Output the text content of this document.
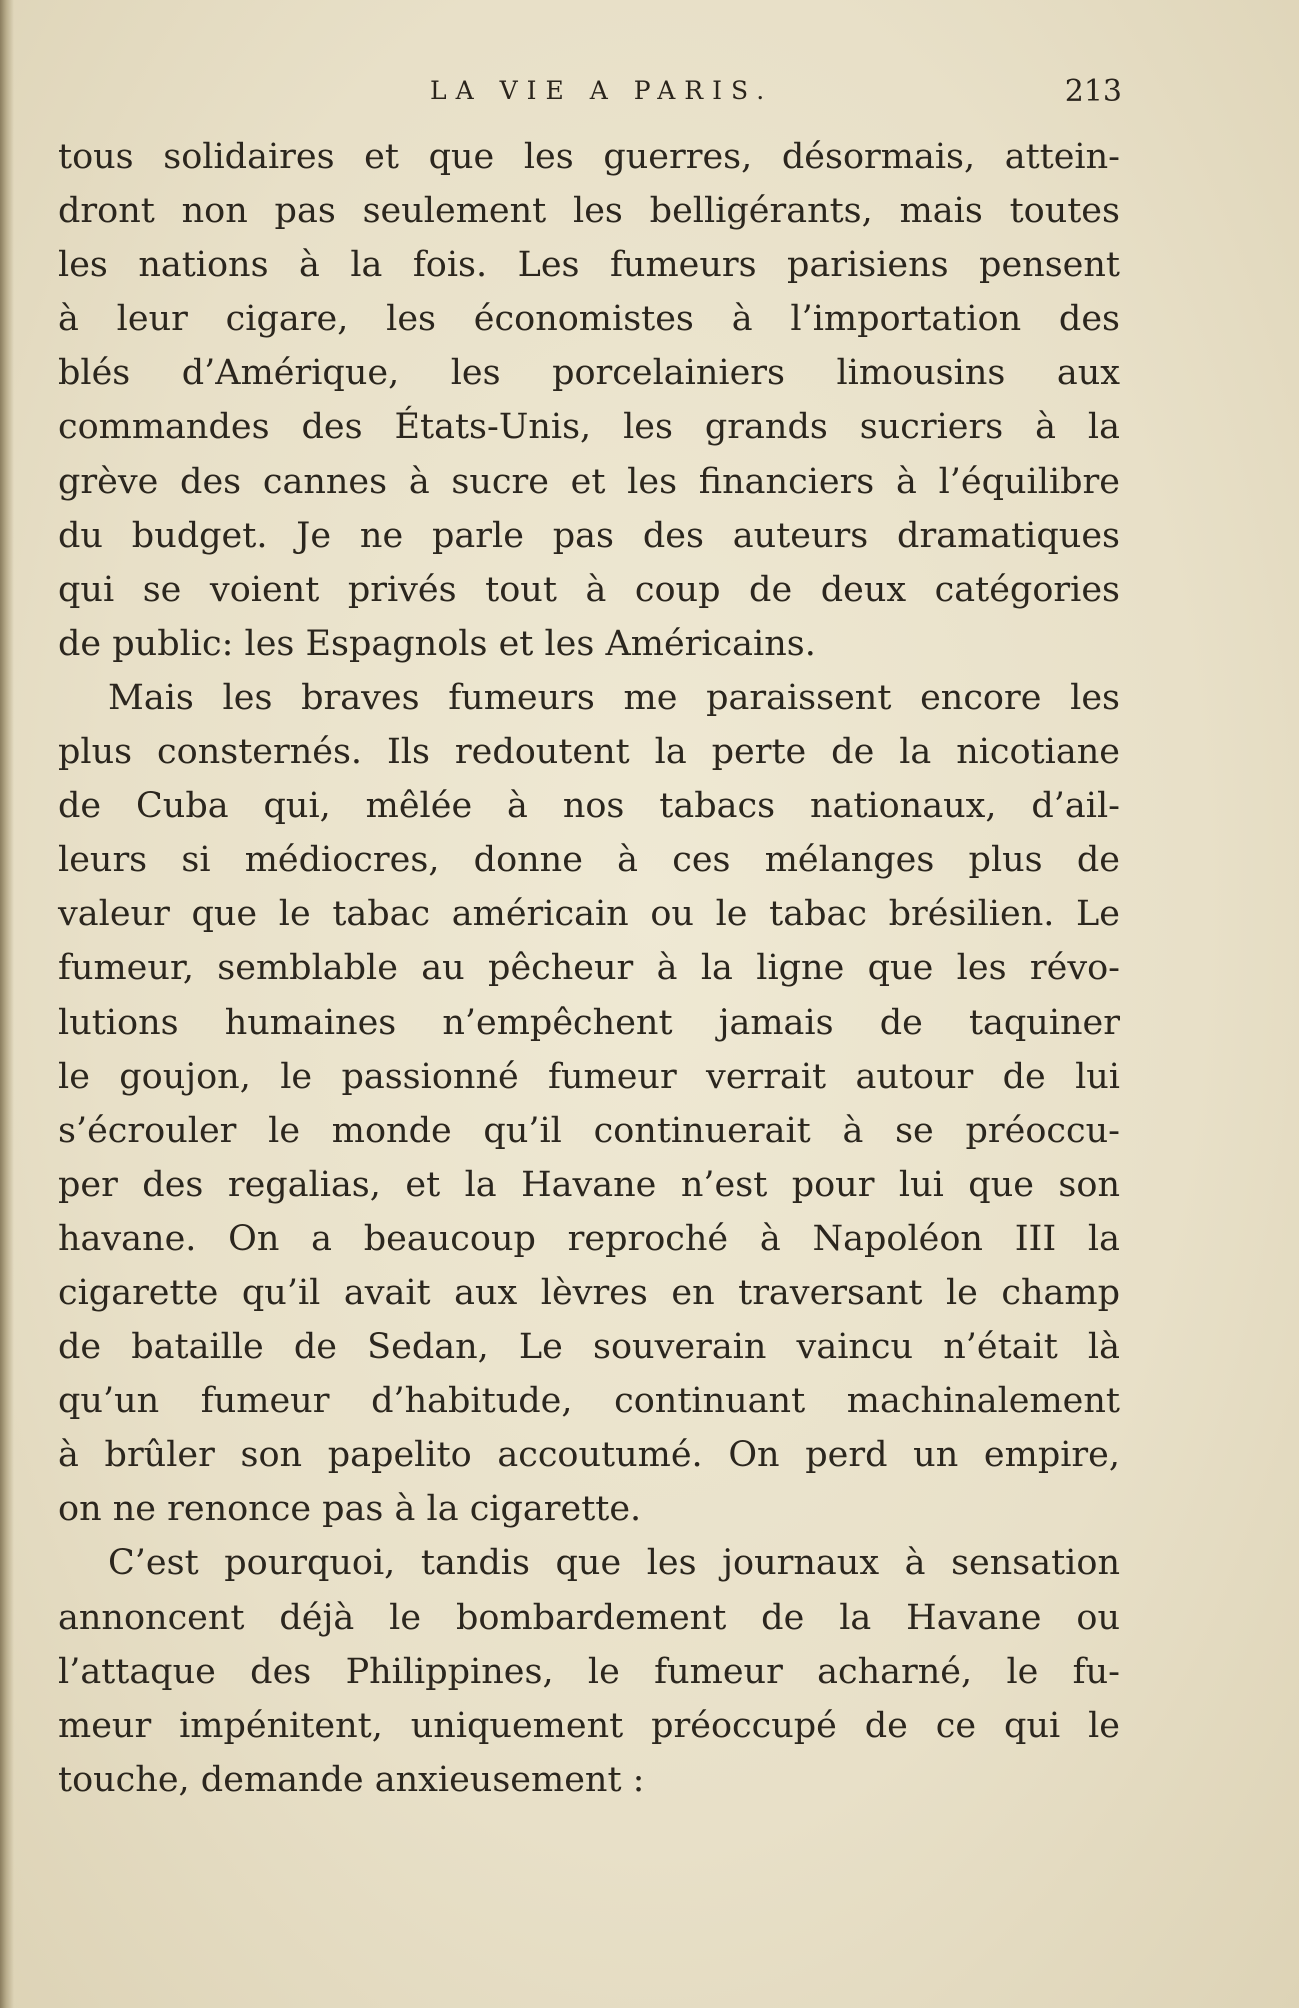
LA VIE A PARIS.	213

tous solidaires et que les guerres, désormais, attein-

dront non pas seulement les belligérants, mais toutes

les nations à la fois. Les fumeurs parisiens pensent

à leur cigare, les économistes à l’importation des

blés d’Amérique, les porcelainiers limousins aux

commandes des États-Unis, les grands sucriers à la

grève des cannes à sucre et les financiers à l’équilibre

du budget. Je ne parle pas des auteurs dramatiques

qui se voient privés tout à coup de deux catégories

de public: les Espagnols et les Américains.

Mais les braves fumeurs me paraissent encore les

plus consternés. Ils redoutent la perte de la nicotiane

de Cuba qui, mêlée à nos tabacs nationaux, d’ail-

leurs si médiocres, donne à ces mélanges plus de

valeur que le tabac américain ou le tabac brésilien. Le

fumeur, semblable au pêcheur à la ligne que les révo-

lutions humaines n’empêchent jamais de taquiner

le goujon, le passionné fumeur verrait autour de lui

s’écrouler le monde qu’il continuerait à se préoccu-

per des regalias, et la Havane n’est pour lui que son

havane. On a beaucoup reproché à Napoléon III la

cigarette qu’il avait aux lèvres en traversant le champ

de bataille de Sedan, Le souverain vaincu n’était là

qu’un fumeur d’habitude, continuant machinalement

à brûler son papelito accoutumé. On perd un empire,

on ne renonce pas à la cigarette.

C’est pourquoi, tandis que les journaux à sensation

annoncent déjà le bombardement de la Havane ou

l’attaque des Philippines, le fumeur acharné, le fu-

meur impénitent, uniquement préoccupé de ce qui le

touche, demande anxieusement :
